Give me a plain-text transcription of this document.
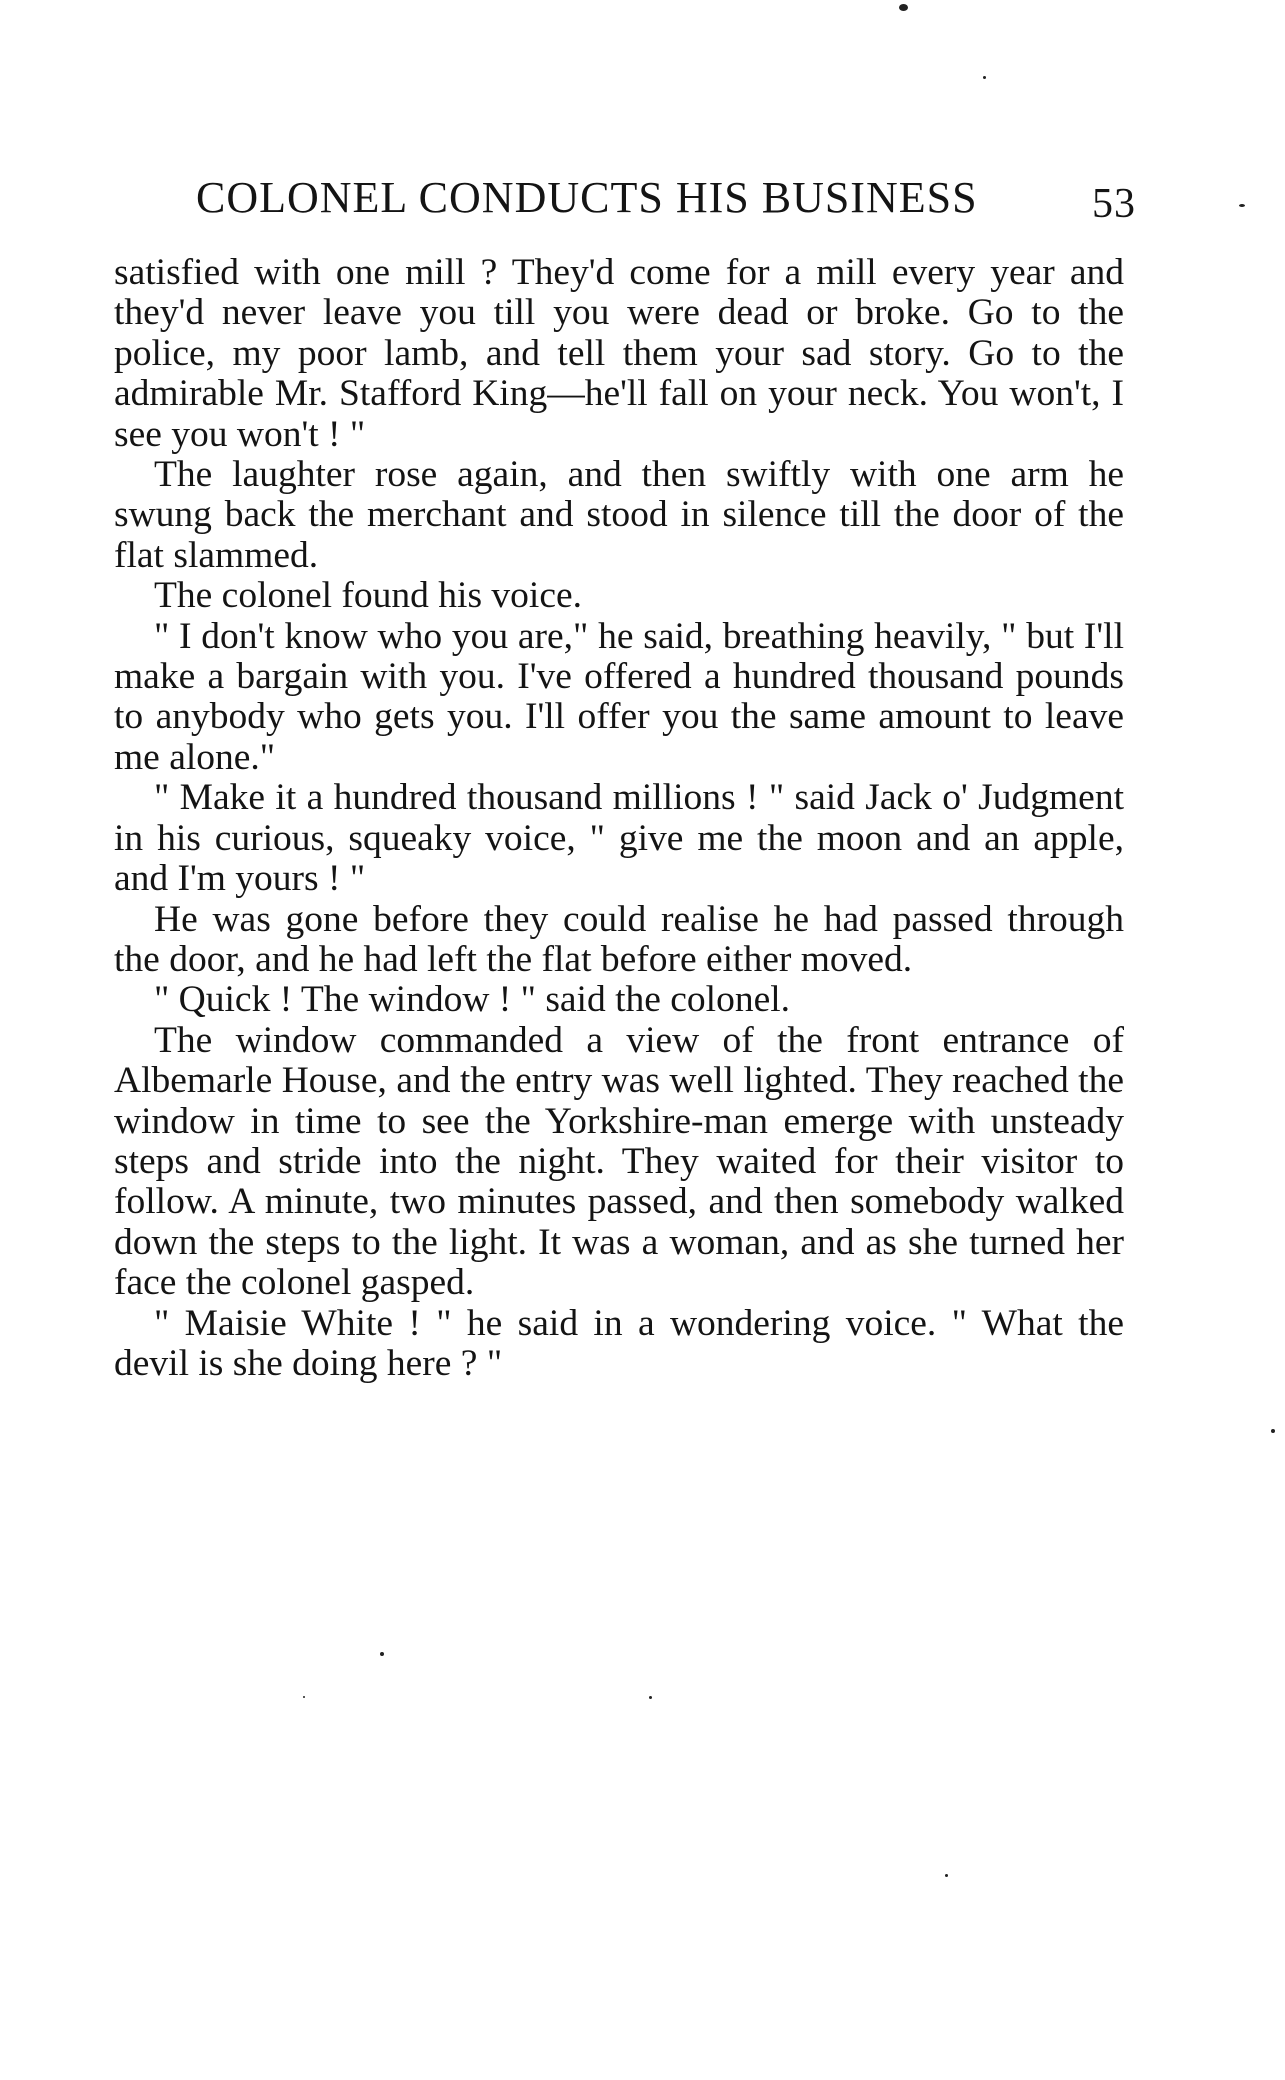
COLONEL CONDUCTS HIS BUSINESS	53

satisfied with one mill ? They'd come for a mill every year and they'd never leave you till you were dead or broke. Go to the police, my poor lamb, and tell them your sad story. Go to the admirable Mr. Stafford King—he'll fall on your neck. You won't, I see you won't ! "

The laughter rose again, and then swiftly with one arm he swung back the merchant and stood in silence till the door of the flat slammed.

The colonel found his voice.

" I don't know who you are," he said, breathing heavily, " but I'll make a bargain with you. I've offered a hundred thousand pounds to anybody who gets you. I'll offer you the same amount to leave me alone."

" Make it a hundred thousand millions ! " said Jack o' Judgment in his curious, squeaky voice, " give me the moon and an apple, and I'm yours ! "

He was gone before they could realise he had passed through the door, and he had left the flat before either moved.

" Quick ! The window ! " said the colonel.

The window commanded a view of the front entrance of Albemarle House, and the entry was well lighted. They reached the window in time to see the Yorkshire-man emerge with unsteady steps and stride into the night. They waited for their visitor to follow. A minute, two minutes passed, and then somebody walked down the steps to the light. It was a woman, and as she turned her face the colonel gasped.

" Maisie White ! " he said in a wondering voice. " What the devil is she doing here ? "
